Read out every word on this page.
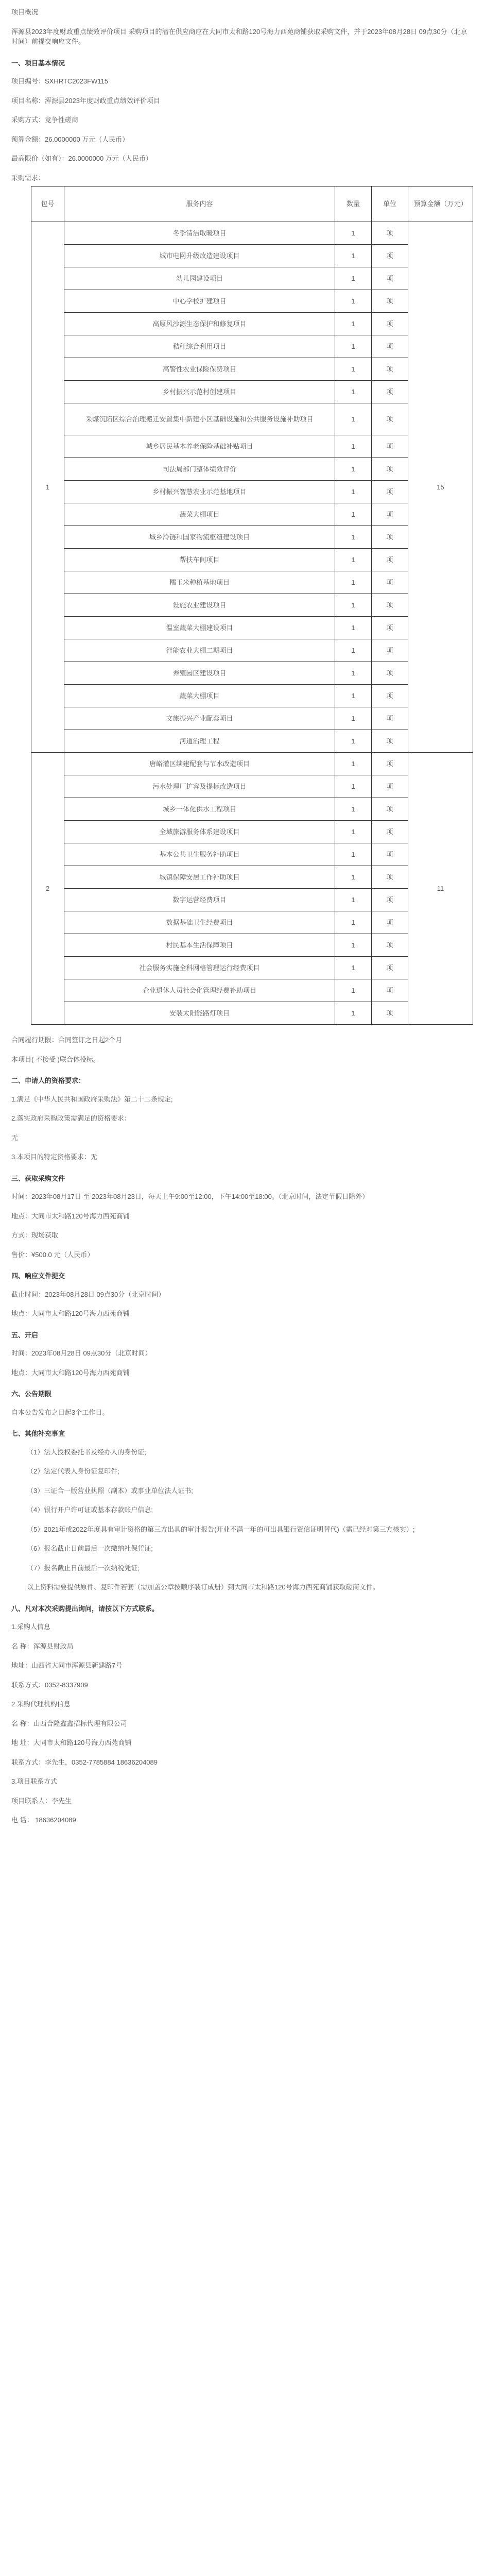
项目概况
浑源县2023年度财政重点绩效评价项目 采购项目的潜在供应商应在大同市太和路120号海力西苑商铺获取采购文件，并于2023年08月28日 09点30分（北京时间）前提交响应文件。
一、项目基本情况
项目编号：SXHRTC2023FW115
项目名称：浑源县2023年度财政重点绩效评价项目
采购方式：竞争性磋商
预算金额：26.0000000 万元（人民币）
最高限价（如有）：26.0000000 万元（人民币）
采购需求：
包号	服务内容	数量	单位	预算金额（万元）
1	冬季清洁取暖项目	1	项	15
	城市电网升级改造建设项目	1	项	
	幼儿园建设项目	1	项	
	中心学校扩建项目	1	项	
	高原风沙源生态保护和修复项目	1	项	
	秸秆综合利用项目	1	项	
	高警性农业保险保费项目	1	项	
	乡村振兴示范村创建项目	1	项	
	采煤沉陷区综合治理搬迁安置集中新建小区基础设施和公共服务设施补助项目	1	项	
	城乡居民基本养老保险基础补贴项目	1	项	
	司法局部门整体绩效评价	1	项	
	乡村振兴智慧农业示范基地项目	1	项	
	蔬菜大棚项目	1	项	
	城乡冷链和国家物流枢纽建设项目	1	项	
	帮扶车间项目	1	项	
	糯玉米种植基地项目	1	项	
	设施农业建设项目	1	项	
	温室蔬菜大棚建设项目	1	项	
	智能农业大棚二期项目	1	项	
	养殖园区建设项目	1	项	
	蔬菜大棚项目	1	项	
	文旅振兴产业配套项目	1	项	
	河道治理工程	1	项	
2	唐峪灌区续建配套与节水改造项目	1	项	11
	污水处理厂扩容及提标改造项目	1	项	
	城乡一体化供水工程项目	1	项	
	全域旅游服务体系建设项目	1	项	
	基本公共卫生服务补助项目	1	项	
	城镇保障安居工作补助项目	1	项	
	数字运营经费项目	1	项	
	数据基础卫生经费项目	1	项	
	村民基本生活保障项目	1	项	
	社会服务实施全科网格管理运行经费项目	1	项	
	企业退休人员社会化管理经费补助项目	1	项	
	安装太阳能路灯项目	1	项	
合同履行期限：合同签订之日起2个月
本项目( 不接受 )联合体投标。
二、申请人的资格要求：
1.满足《中华人民共和国政府采购法》第二十二条规定;
2.落实政府采购政策需满足的资格要求：
无
3.本项目的特定资格要求：无
三、获取采购文件
时间：2023年08月17日 至 2023年08月23日，每天上午9:00至12:00，下午14:00至18:00。（北京时间，法定节假日除外）
地点：大同市太和路120号海力西苑商铺
方式：现场获取
售价：¥500.0 元（人民币）
四、响应文件提交
截止时间：2023年08月28日 09点30分（北京时间）
地点：大同市太和路120号海力西苑商铺
五、开启
时间：2023年08月28日 09点30分（北京时间）
地点：大同市太和路120号海力西苑商铺
六、公告期限
自本公告发布之日起3个工作日。
七、其他补充事宜
（1）法人授权委托书及经办人的身份证;
（2）法定代表人身份证复印件;
（3）三证合一版营业执照（副本）或事业单位法人证书;
（4）银行开户许可证或基本存款账户信息;
（5）2021年或2022年度具有审计资格的第三方出具的审计报告(开业不满一年的可出具银行资信证明替代)（需已经对第三方核实）;
（6）报名截止日前最后一次缴纳社保凭证;
（7）报名截止日前最后一次纳税凭证;
以上资料需要提供原件、复印件若套（需加盖公章按顺序装订成册）到大同市太和路120号海力西苑商铺获取磋商文件。
八、凡对本次采购提出询问，请按以下方式联系。
1.采购人信息
名 称：浑源县财政局
地址：山西省大同市浑源县新建路7号
联系方式：0352-8337909
2.采购代理机构信息
名 称：山西合隆鑫鑫招标代理有限公司
地 址：大同市太和路120号海力西苑商铺
联系方式：李先生，0352-7785884 18636204089
3.项目联系方式
项目联系人：李先生
电 话： 18636204089
